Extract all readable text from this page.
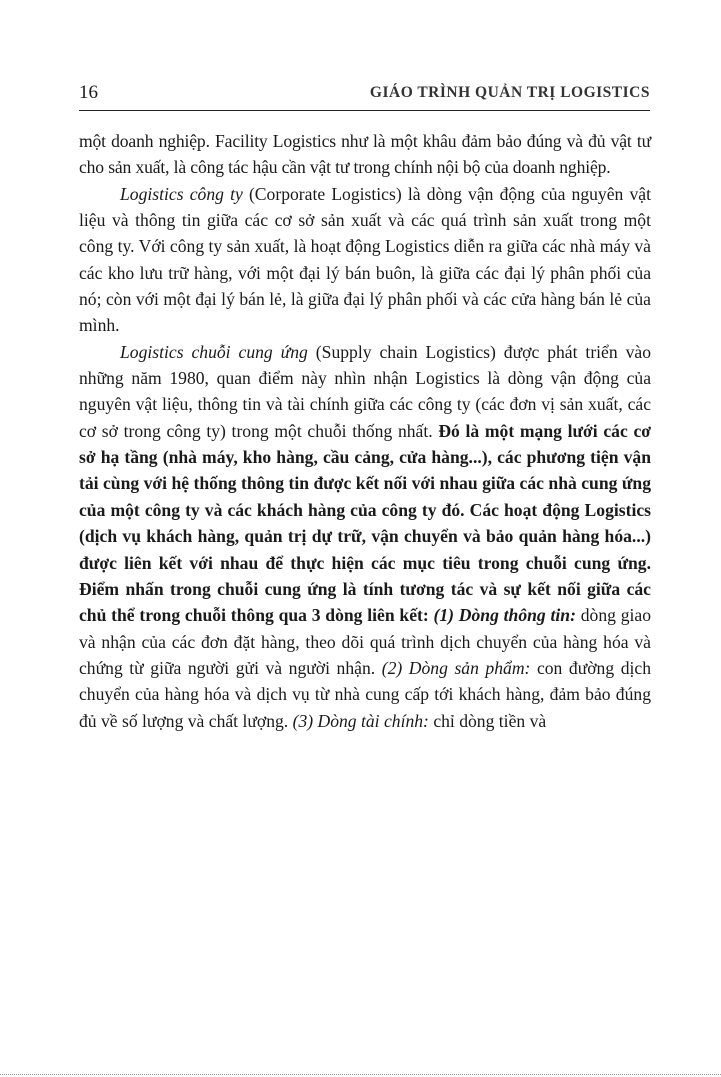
16	GIÁO TRÌNH QUẢN TRỊ LOGISTICS

một doanh nghiệp. Facility Logistics như là một khâu đảm bảo đúng và đủ vật tư cho sản xuất, là công tác hậu cần vật tư trong chính nội bộ của doanh nghiệp.

Logistics công ty (Corporate Logistics) là dòng vận động của nguyên vật liệu và thông tin giữa các cơ sở sản xuất và các quá trình sản xuất trong một công ty. Với công ty sản xuất, là hoạt động Logistics diễn ra giữa các nhà máy và các kho lưu trữ hàng, với một đại lý bán buôn, là giữa các đại lý phân phối của nó; còn với một đại lý bán lẻ, là giữa đại lý phân phối và các cửa hàng bán lẻ của mình.

Logistics chuỗi cung ứng (Supply chain Logistics) được phát triển vào những năm 1980, quan điểm này nhìn nhận Logistics là dòng vận động của nguyên vật liệu, thông tin và tài chính giữa các công ty (các đơn vị sản xuất, các cơ sở trong công ty) trong một chuỗi thống nhất. Đó là một mạng lưới các cơ sở hạ tầng (nhà máy, kho hàng, cầu cảng, cửa hàng...), các phương tiện vận tải cùng với hệ thống thông tin được kết nối với nhau giữa các nhà cung ứng của một công ty và các khách hàng của công ty đó. Các hoạt động Logistics (dịch vụ khách hàng, quản trị dự trữ, vận chuyển và bảo quản hàng hóa...) được liên kết với nhau để thực hiện các mục tiêu trong chuỗi cung ứng. Điểm nhấn trong chuỗi cung ứng là tính tương tác và sự kết nối giữa các chủ thể trong chuỗi thông qua 3 dòng liên kết: (1) Dòng thông tin: dòng giao và nhận của các đơn đặt hàng, theo dõi quá trình dịch chuyển của hàng hóa và chứng từ giữa người gửi và người nhận. (2) Dòng sản phẩm: con đường dịch chuyển của hàng hóa và dịch vụ từ nhà cung cấp tới khách hàng, đảm bảo đúng đủ về số lượng và chất lượng. (3) Dòng tài chính: chỉ dòng tiền và
